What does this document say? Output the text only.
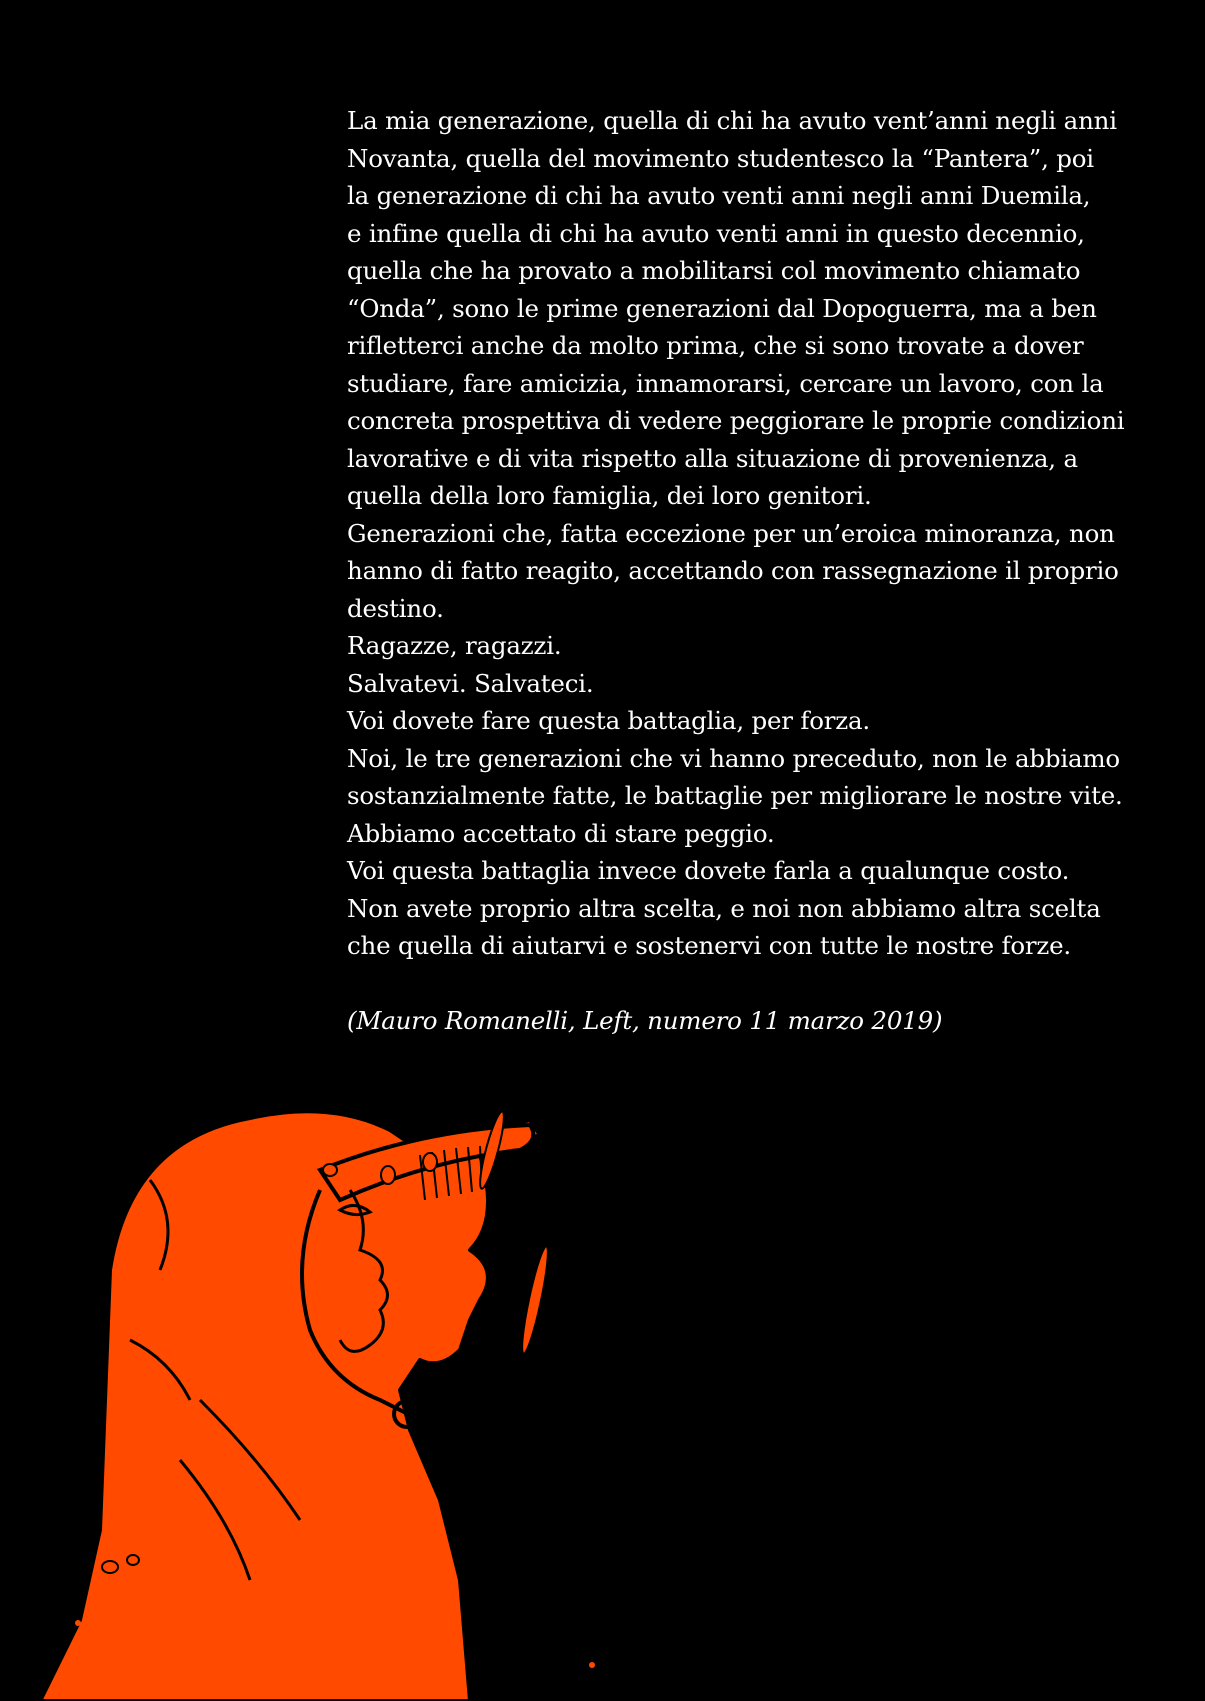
La mia generazione, quella di chi ha avuto vent’anni negli anni
Novanta, quella del movimento studentesco la “Pantera”, poi
la generazione di chi ha avuto venti anni negli anni Duemila,
e infine quella di chi ha avuto venti anni in questo decennio,
quella che ha provato a mobilitarsi col movimento chiamato
“Onda”, sono le prime generazioni dal Dopoguerra, ma a ben
rifletterci anche da molto prima, che si sono trovate a dover
studiare, fare amicizia, innamorarsi, cercare un lavoro, con la
concreta prospettiva di vedere peggiorare le proprie condizioni
lavorative e di vita rispetto alla situazione di provenienza, a
quella della loro famiglia, dei loro genitori.
Generazioni che, fatta eccezione per un’eroica minoranza, non
hanno di fatto reagito, accettando con rassegnazione il proprio
destino.
Ragazze, ragazzi.
Salvatevi. Salvateci.
Voi dovete fare questa battaglia, per forza.
Noi, le tre generazioni che vi hanno preceduto, non le abbiamo
sostanzialmente fatte, le battaglie per migliorare le nostre vite.
Abbiamo accettato di stare peggio.
Voi questa battaglia invece dovete farla a qualunque costo.
Non avete proprio altra scelta, e noi non abbiamo altra scelta
che quella di aiutarvi e sostenervi con tutte le nostre forze.
(Mauro Romanelli, Left, numero 11 marzo 2019)
